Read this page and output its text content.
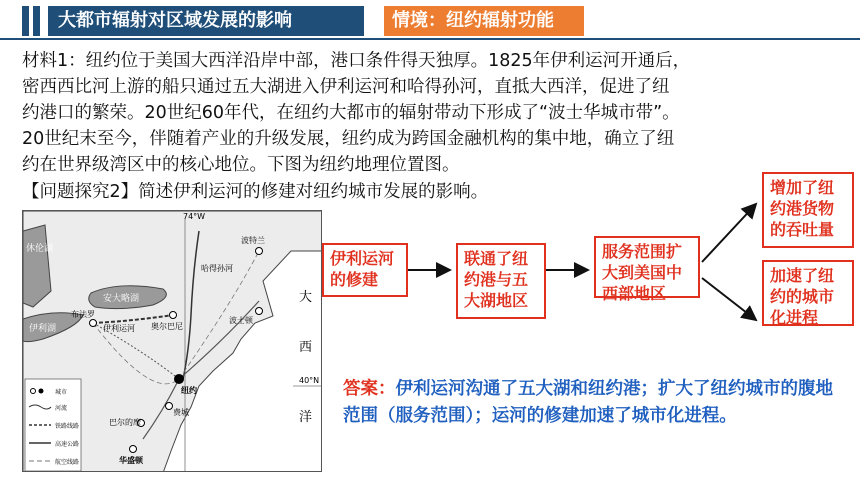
大都市辐射对区域发展的影响	情境：纽约辐射功能
材料1：纽约位于美国大西洋沿岸中部，港口条件得天独厚。1825年伊利运河开通后，
密西西比河上游的船只通过五大湖进入伊利运河和哈得孙河，直抵大西洋，促进了纽
约港口的繁荣。20世纪60年代，在纽约大都市的辐射带动下形成了“波士华城市带”。
20世纪末至今，伴随着产业的升级发展，纽约成为跨国金融机构的集中地，确立了纽
约在世界级湾区中的核心地位。下图为纽约地理位置图。
【问题探究2】简述伊利运河的修建对纽约城市发展的影响。
74°W
40°N
安大略湖
休伦湖
伊利湖
布法罗
伊利运河 奥尔巴尼
哈得孙河
波特兰
波士顿
纽约
费城
巴尔的摩
华盛顿
大
西
洋
城市
河流
铁路线路
高速公路
航空线路
伊利运河的修建
联通了纽约港与五大湖地区
服务范围扩大到美国中西部地区
增加了纽约港货物的吞吐量
加速了纽约的城市化进程
答案：伊利运河沟通了五大湖和纽约港；扩大了纽约城市的腹地范围（服务范围）；运河的修建加速了城市化进程。
